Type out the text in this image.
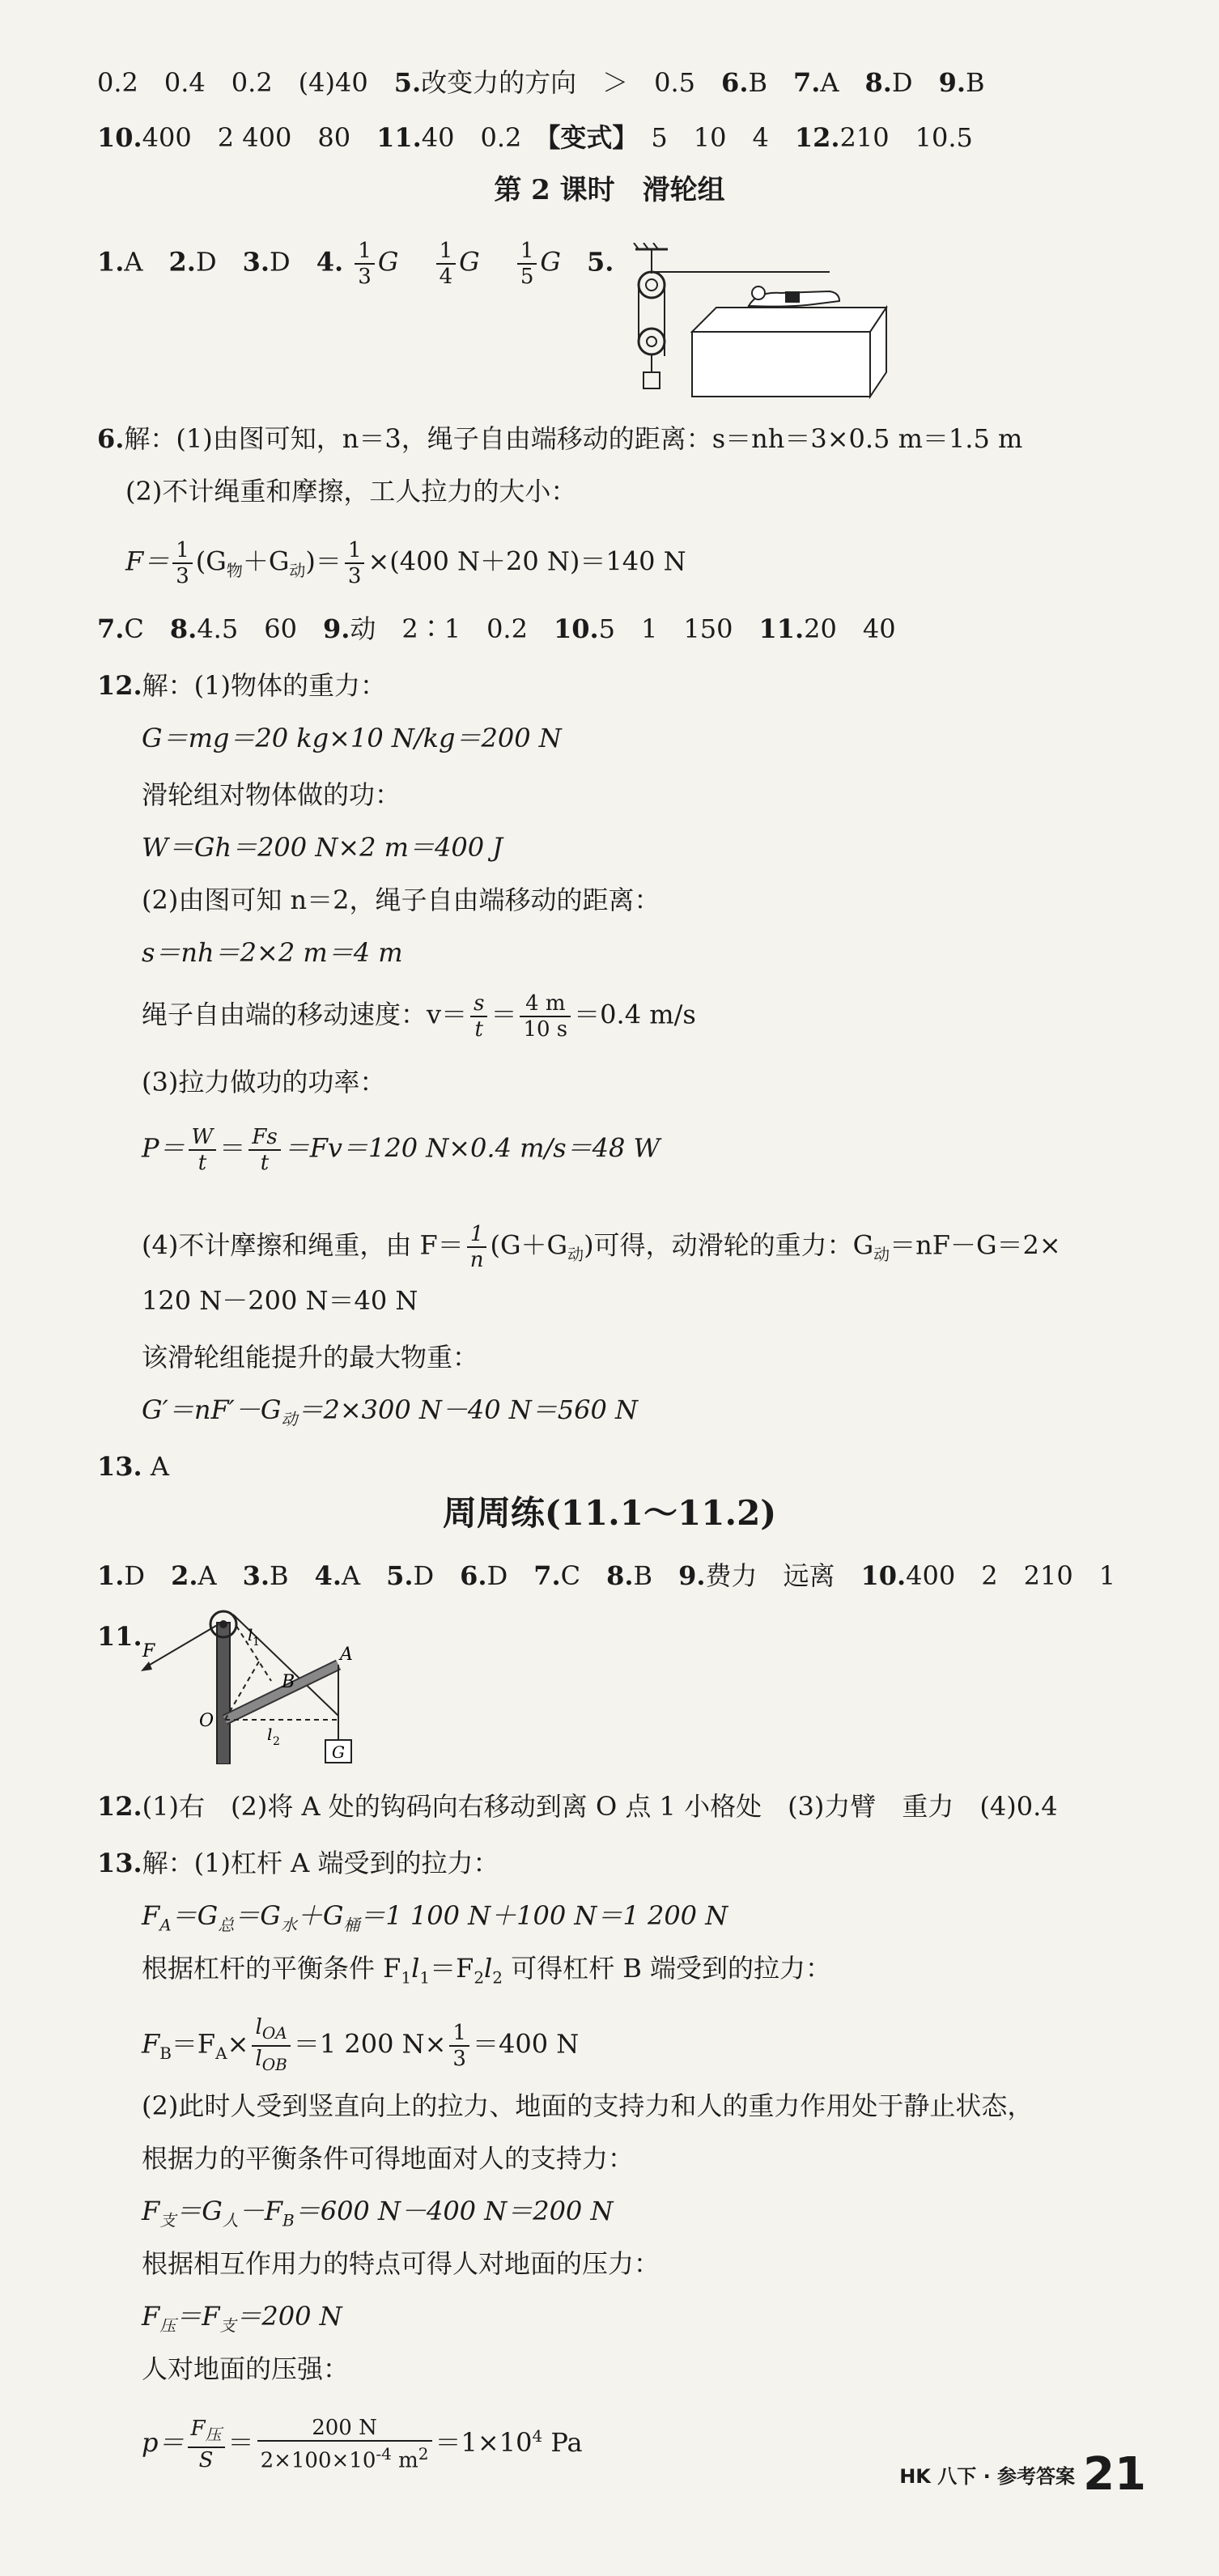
0.2　0.4　0.2　(4)40　5.改变力的方向　＞　0.5　6.B　7.A　8.D　9.B
10.400　2 400　80　11.40　0.2　【变式】　5　10　4　12.210　10.5
第 2 课时　滑轮组
1.A　2.D　3.D　4. $\frac{1}{3}$ G　 $\frac{1}{4}$ G　 $\frac{1}{5}$ G　 5.
6.解：(1)由图可知，n＝3，绳子自由端移动的距离：s＝nh＝3×0.5 m＝1.5 m
(2)不计绳重和摩擦，工人拉力的大小：
$F= \frac{1}{3} (G_物+G_动)= \frac{1}{3} \times(400$ N＋20 N)＝140 N
7.C　8.4.5　60　9.动　2∶1　0.2　10.5　1　150　11.20　40
12.解：(1)物体的重力：
G＝mg＝20 kg×10 N/kg＝200 N
滑轮组对物体做的功：
W＝Gh＝200 N×2 m＝400 J
(2)由图可知 n＝2，绳子自由端移动的距离：
s＝nh＝2×2 m＝4 m
绳子自由端的移动速度：$v= \frac{s}{t} = \frac{4 m}{10 s} =0.4$ m/s
(3)拉力做功的功率：
$P= \frac{W}{t} = \frac{Fs}{t} =Fv=120$ N×0.4 m/s＝48 W
(4)不计摩擦和绳重，由 $F= \frac{1}{n} (G+G_动)$可得，动滑轮的重力：$G_动=nF-G=2\times$
120 N－200 N＝40 N
该滑轮组能提升的最大物重：
$G'=nF'-G_动=2\times 300$ N－40 N＝560 N
13. A
周周练(11.1～11.2)
1.D　2.A　3.B　4.A　5.D　6.D　7.C　8.B　9.费力　远离　10.400　2　210　1
11. F
l 1
A
B
O
l 2
G
12.(1)右　(2)将 A 处的钩码向右移动到离 O 点 1 小格处　(3)力臂　重力　(4)0.4
13.解：(1)杠杆 A 端受到的拉力：
$F_A=G_总=G_水+G_桶=1$ 100 N＋100 N＝1 200 N
根据杠杆的平衡条件 $F_1l_1=F_2l_2$ 可得杠杆 B 端受到的拉力：
$F_B=F_A\times \frac{l_{OA}}{l_{OB}} =1$ 200 $N\times \frac{1}{3} =400$ N
(2)此时人受到竖直向上的拉力、地面的支持力和人的重力作用处于静止状态，
根据力的平衡条件可得地面对人的支持力：
$F_支=G_人-F_B=600$ N－400 N＝200 N
根据相互作用力的特点可得人对地面的压力：
$F_压=F_支=200$ N
人对地面的压强：
$p= \frac{F_压}{S} = \frac{200 N}{2\times 100\times 10^{-4} m^2} =1\times 10^4$ Pa
HK 八下 · 参考答案 21
